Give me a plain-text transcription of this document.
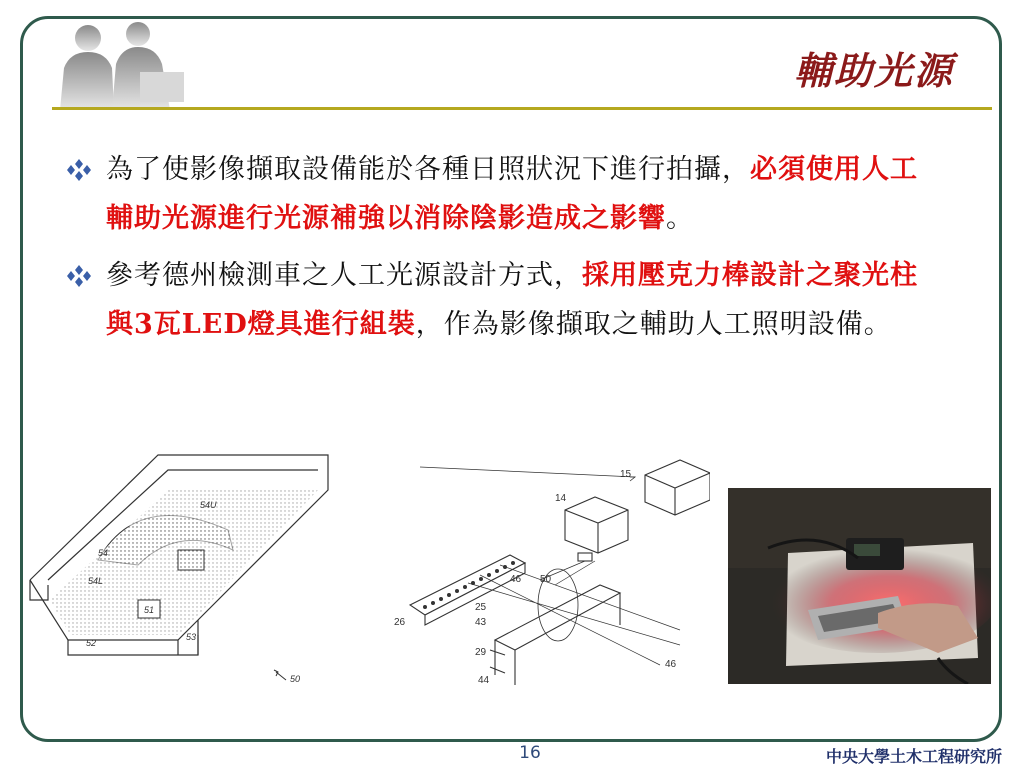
輔助光源
為了使影像擷取設備能於各種日照狀況下進行拍攝，必須使用人工輔助光源進行光源補強以消除陰影造成之影響。
參考德州檢測車之人工光源設計方式，採用壓克力棒設計之聚光柱與3瓦LED燈具進行組裝，作為影像擷取之輔助人工照明設備。
54U
54
54L
51
52
53
50
15
14
46 50
25
26	43
29
44
46
16	中央大學土木工程研究所
